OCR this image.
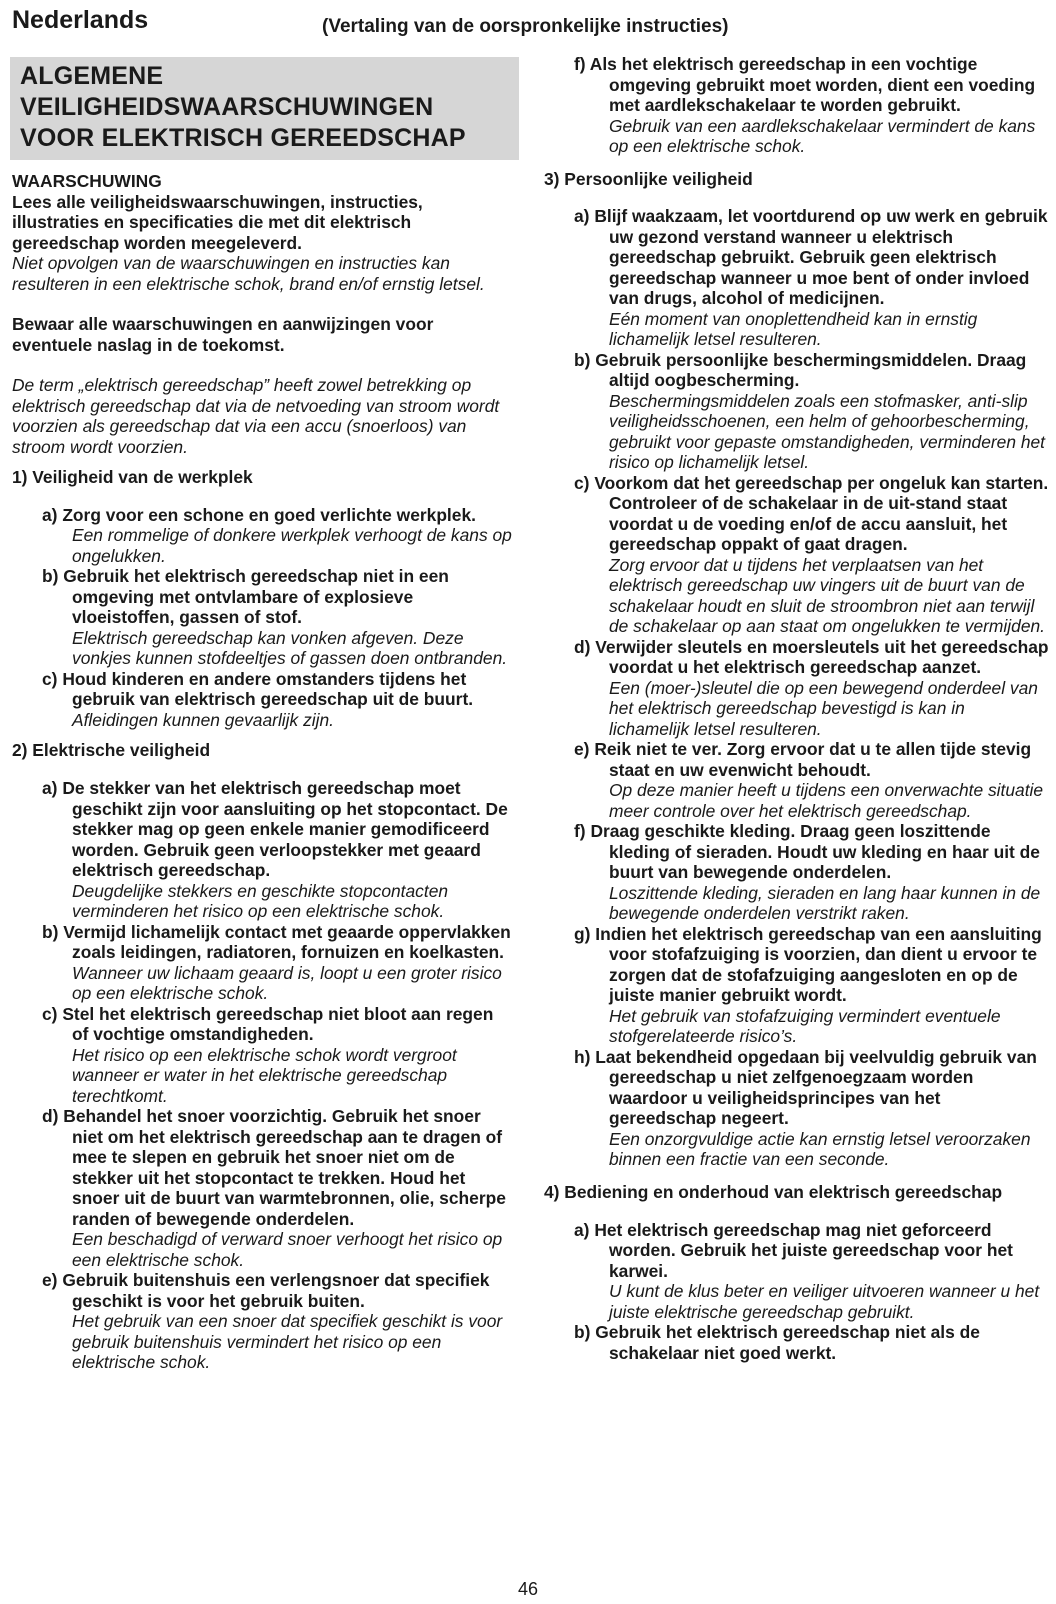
Nederlands	(Vertaling van de oorspronkelijke instructies)
ALGEMENE
VEILIGHEIDSWAARSCHUWINGEN
VOOR ELEKTRISCH GEREEDSCHAP

WAARSCHUWING

Lees alle veiligheidswaarschuwingen, instructies, illustraties en specificaties die met dit elektrisch gereedschap worden meegeleverd.

Niet opvolgen van de waarschuwingen en instructies kan resulteren in een elektrische schok, brand en/of ernstig letsel.

Bewaar alle waarschuwingen en aanwijzingen voor eventuele naslag in de toekomst.

De term „elektrisch gereedschap” heeft zowel betrekking op elektrisch gereedschap dat via de netvoeding van stroom wordt voorzien als gereedschap dat via een accu (snoerloos) van stroom wordt voorzien.

1) Veiligheid van de werkplek

a) Zorg voor een schone en goed verlichte werkplek.

Een rommelige of donkere werkplek verhoogt de kans op ongelukken.

b) Gebruik het elektrisch gereedschap niet in een omgeving met ontvlambare of explosieve vloeistoffen, gassen of stof.

Elektrisch gereedschap kan vonken afgeven. Deze vonkjes kunnen stofdeeltjes of gassen doen ontbranden.

c) Houd kinderen en andere omstanders tijdens het gebruik van elektrisch gereedschap uit de buurt.

Afleidingen kunnen gevaarlijk zijn.

2) Elektrische veiligheid

a) De stekker van het elektrisch gereedschap moet geschikt zijn voor aansluiting op het stopcontact. De stekker mag op geen enkele manier gemodificeerd worden. Gebruik geen verloopstekker met geaard elektrisch gereedschap.

Deugdelijke stekkers en geschikte stopcontacten verminderen het risico op een elektrische schok.

b) Vermijd lichamelijk contact met geaarde oppervlakken zoals leidingen, radiatoren, fornuizen en koelkasten.

Wanneer uw lichaam geaard is, loopt u een groter risico op een elektrische schok.

c) Stel het elektrisch gereedschap niet bloot aan regen of vochtige omstandigheden.

Het risico op een elektrische schok wordt vergroot wanneer er water in het elektrische gereedschap terechtkomt.

d) Behandel het snoer voorzichtig. Gebruik het snoer niet om het elektrisch gereedschap aan te dragen of mee te slepen en gebruik het snoer niet om de stekker uit het stopcontact te trekken. Houd het snoer uit de buurt van warmtebronnen, olie, scherpe randen of bewegende onderdelen.

Een beschadigd of verward snoer verhoogt het risico op een elektrische schok.

e) Gebruik buitenshuis een verlengsnoer dat specifiek geschikt is voor het gebruik buiten.

Het gebruik van een snoer dat specifiek geschikt is voor gebruik buitenshuis vermindert het risico op een elektrische schok.

f) Als het elektrisch gereedschap in een vochtige omgeving gebruikt moet worden, dient een voeding met aardlekschakelaar te worden gebruikt.

Gebruik van een aardlekschakelaar vermindert de kans op een elektrische schok.

3) Persoonlijke veiligheid

a) Blijf waakzaam, let voortdurend op uw werk en gebruik uw gezond verstand wanneer u elektrisch gereedschap gebruikt. Gebruik geen elektrisch gereedschap wanneer u moe bent of onder invloed van drugs, alcohol of medicijnen.

Eén moment van onoplettendheid kan in ernstig lichamelijk letsel resulteren.

b) Gebruik persoonlijke beschermingsmiddelen. Draag altijd oogbescherming.

Beschermingsmiddelen zoals een stofmasker, anti-slip veiligheidsschoenen, een helm of gehoorbescherming, gebruikt voor gepaste omstandigheden, verminderen het risico op lichamelijk letsel.

c) Voorkom dat het gereedschap per ongeluk kan starten. Controleer of de schakelaar in de uit-stand staat voordat u de voeding en/of de accu aansluit, het gereedschap oppakt of gaat dragen.

Zorg ervoor dat u tijdens het verplaatsen van het elektrisch gereedschap uw vingers uit de buurt van de schakelaar houdt en sluit de stroombron niet aan terwijl de schakelaar op aan staat om ongelukken te vermijden.

d) Verwijder sleutels en moersleutels uit het gereedschap voordat u het elektrisch gereedschap aanzet.

Een (moer-)sleutel die op een bewegend onderdeel van het elektrisch gereedschap bevestigd is kan in lichamelijk letsel resulteren.

e) Reik niet te ver. Zorg ervoor dat u te allen tijde stevig staat en uw evenwicht behoudt.

Op deze manier heeft u tijdens een onverwachte situatie meer controle over het elektrisch gereedschap.

f) Draag geschikte kleding. Draag geen loszittende kleding of sieraden. Houdt uw kleding en haar uit de buurt van bewegende onderdelen.

Loszittende kleding, sieraden en lang haar kunnen in de bewegende onderdelen verstrikt raken.

g) Indien het elektrisch gereedschap van een aansluiting voor stofafzuiging is voorzien, dan dient u ervoor te zorgen dat de stofafzuiging aangesloten en op de juiste manier gebruikt wordt.

Het gebruik van stofafzuiging vermindert eventuele stofgerelateerde risico’s.

h) Laat bekendheid opgedaan bij veelvuldig gebruik van gereedschap u niet zelfgenoegzaam worden waardoor u veiligheidsprincipes van het gereedschap negeert.

Een onzorgvuldige actie kan ernstig letsel veroorzaken binnen een fractie van een seconde.

4) Bediening en onderhoud van elektrisch gereedschap

a) Het elektrisch gereedschap mag niet geforceerd worden. Gebruik het juiste gereedschap voor het karwei.

U kunt de klus beter en veiliger uitvoeren wanneer u het juiste elektrische gereedschap gebruikt.

b) Gebruik het elektrisch gereedschap niet als de schakelaar niet goed werkt.

46
